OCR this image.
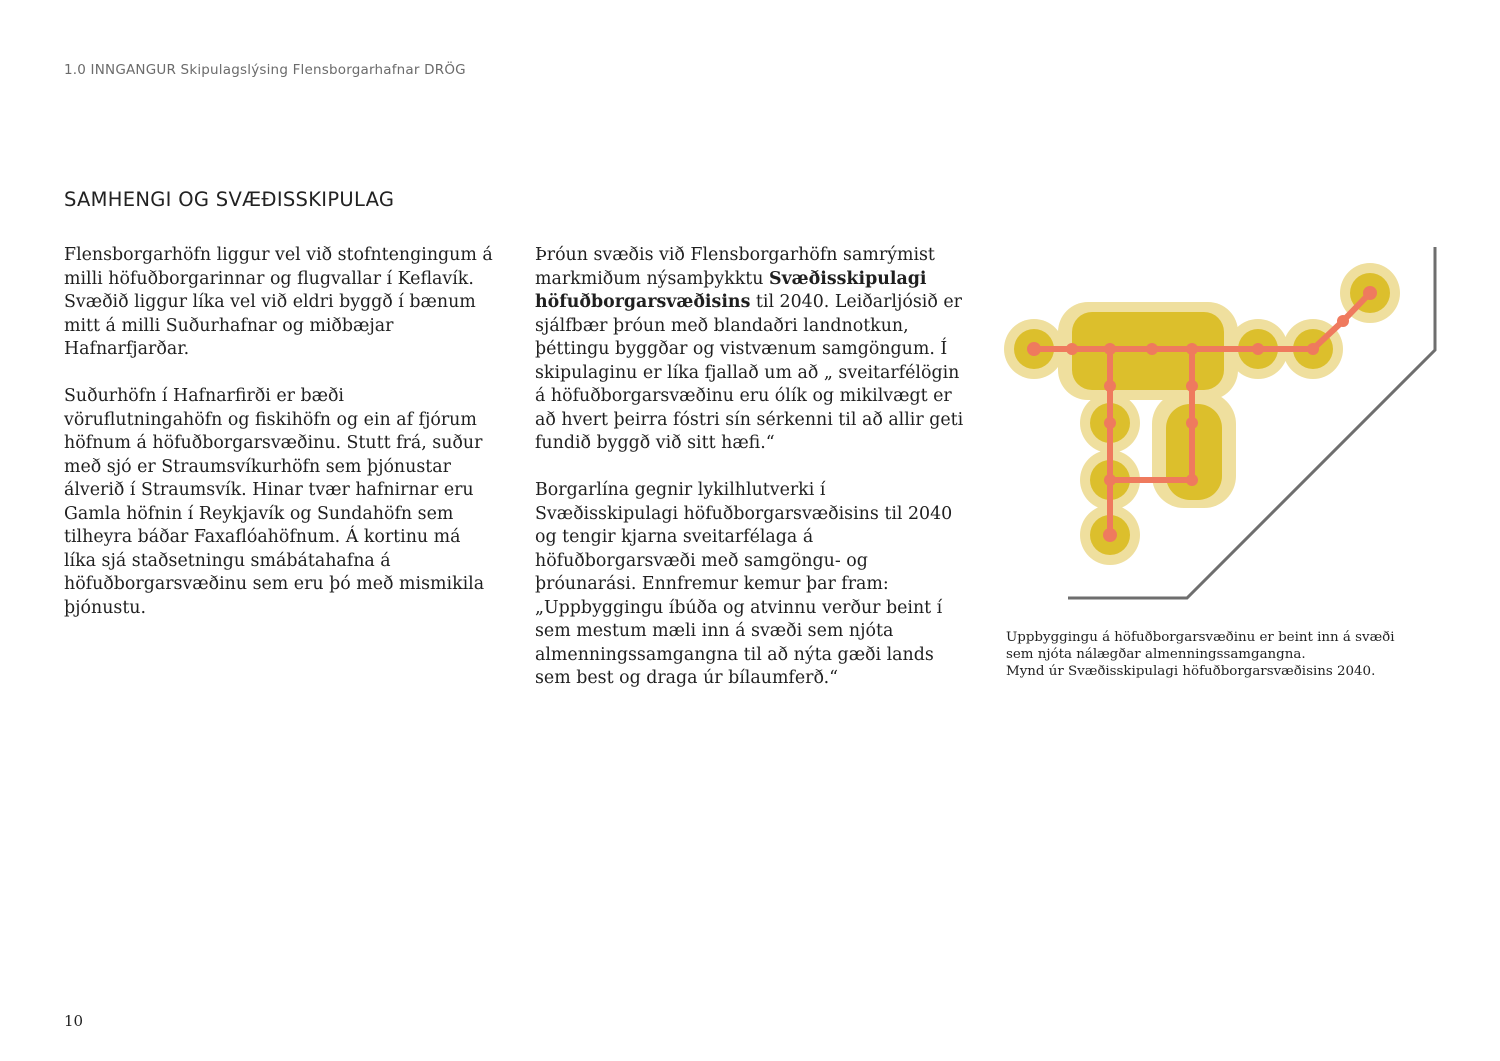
1.0 INNGANGUR Skipulagslýsing Flensborgarhafnar DRÖG
SAMHENGI OG SVÆÐISSKIPULAG

Flensborgarhöfn liggur vel við stofntengingum á milli höfuðborgarinnar og flugvallar í Keflavík. Svæðið liggur líka vel við eldri byggð í bænum mitt á milli Suðurhafnar og miðbæjar Hafnarfjarðar.

Suðurhöfn í Hafnarfirði er bæði vöruflutningahöfn og fiskihöfn og ein af fjórum höfnum á höfuðborgarsvæðinu. Stutt frá, suður með sjó er Straumsvíkurhöfn sem þjónustar álverið í Straumsvík. Hinar tvær hafnirnar eru Gamla höfnin í Reykjavík og Sundahöfn sem tilheyra báðar Faxaflóahöfnum. Á kortinu má líka sjá staðsetningu smábátahafna á höfuðborgarsvæðinu sem eru þó með mismikila þjónustu.

Þróun svæðis við Flensborgarhöfn samrýmist markmiðum nýsamþykktu Svæðisskipulagi höfuðborgarsvæðisins til 2040. Leiðarljósið er sjálfbær þróun með blandaðri landnotkun, þéttingu byggðar og vistvænum samgöngum. Í skipulaginu er líka fjallað um að „ sveitarfélögin á höfuðborgarsvæðinu eru ólík og mikilvægt er að hvert þeirra fóstri sín sérkenni til að allir geti fundið byggð við sitt hæfi.“

Borgarlína gegnir lykilhlutverki í Svæðisskipulagi höfuðborgarsvæðisins til 2040 og tengir kjarna sveitarfélaga á höfuðborgarsvæði með samgöngu- og þróunarási. Ennfremur kemur þar fram: „Uppbyggingu íbúða og atvinnu verður beint í sem mestum mæli inn á svæði sem njóta almenningssamgangna til að nýta gæði lands sem best og draga úr bílaumferð.“

Uppbyggingu á höfuðborgarsvæðinu er beint inn á svæði
sem njóta nálægðar almenningssamgangna.
Mynd úr Svæðisskipulagi höfuðborgarsvæðisins 2040.
10
